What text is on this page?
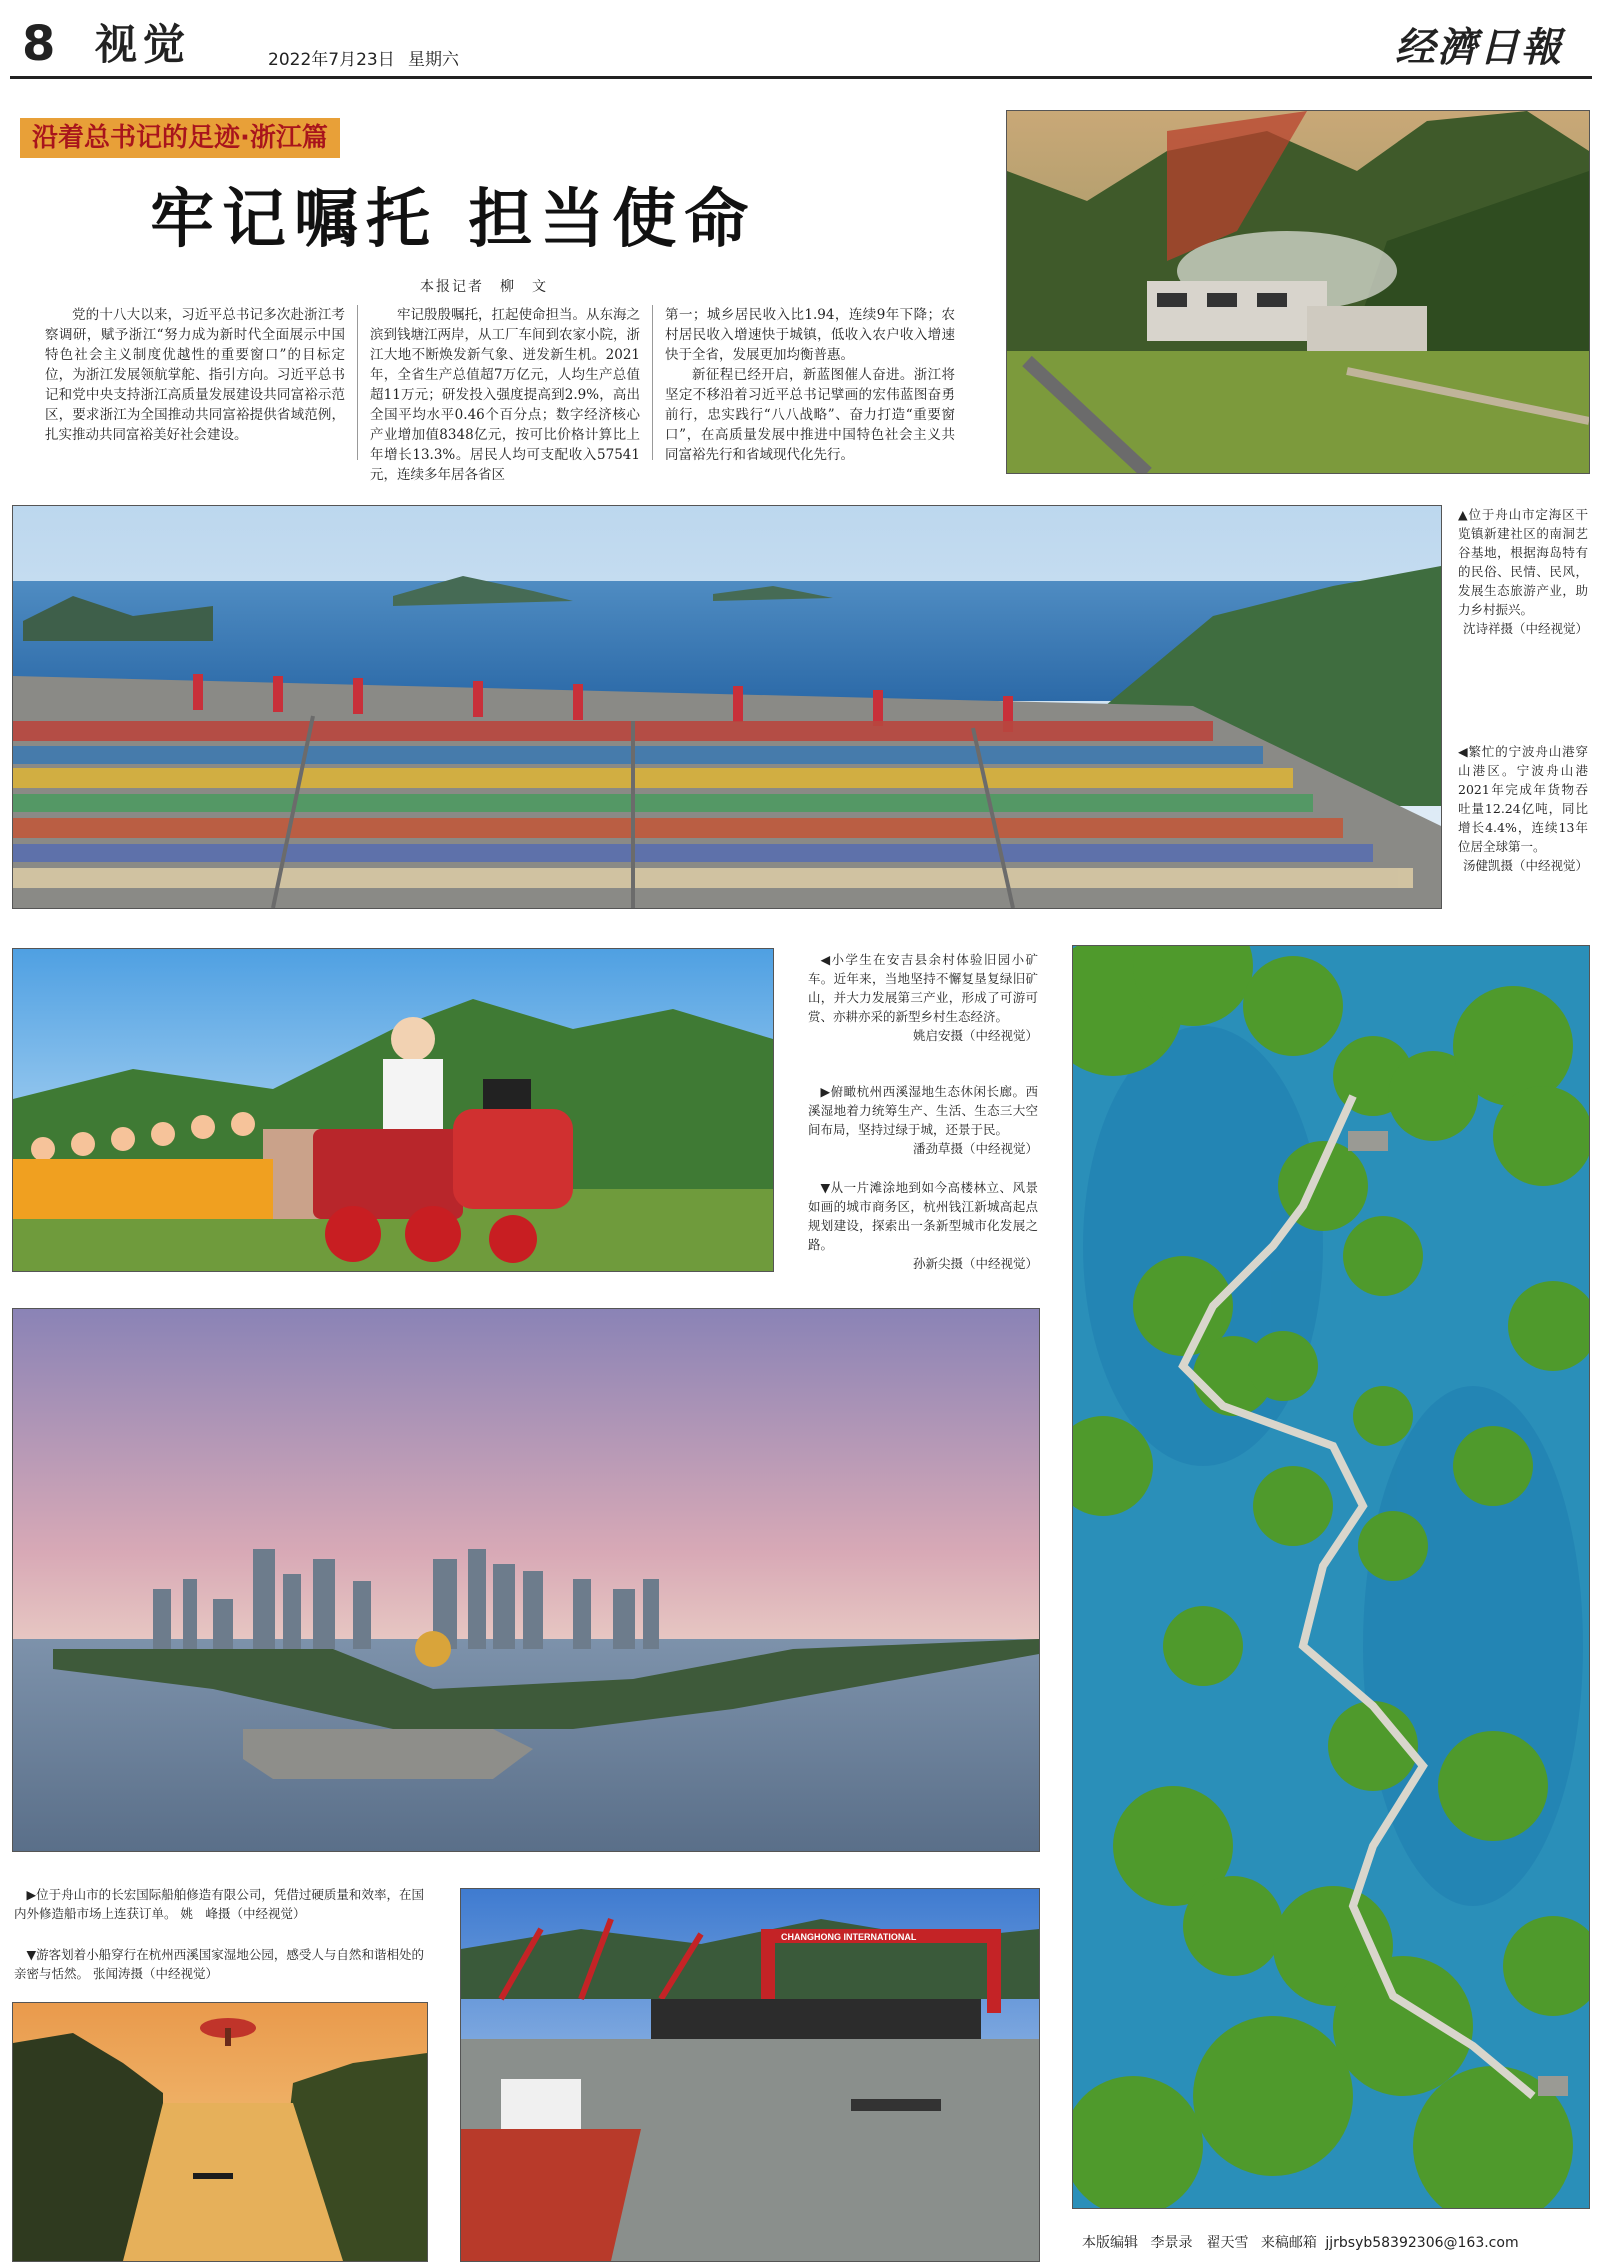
8 视觉	2022年7月23日 星期六	经濟日報
沿着总书记的足迹·浙江篇
牢记嘱托 担当使命
本报记者　柳　文
党的十八大以来，习近平总书记多次赴浙江考察调研，赋予浙江“努力成为新时代全面展示中国特色社会主义制度优越性的重要窗口”的目标定位，为浙江发展领航掌舵、指引方向。习近平总书记和党中央支持浙江高质量发展建设共同富裕示范区，要求浙江为全国推动共同富裕提供省域范例，扎实推动共同富裕美好社会建设。
牢记殷殷嘱托，扛起使命担当。从东海之滨到钱塘江两岸，从工厂车间到农家小院，浙江大地不断焕发新气象、迸发新生机。2021年，全省生产总值超7万亿元，人均生产总值超11万元；研发投入强度提高到2.9%，高出全国平均水平0.46个百分点；数字经济核心产业增加值8348亿元，按可比价格计算比上年增长13.3%。居民人均可支配收入57541元，连续多年居各省区
第一；城乡居民收入比1.94，连续9年下降；农村居民收入增速快于城镇，低收入农户收入增速快于全省，发展更加均衡普惠。
新征程已经开启，新蓝图催人奋进。浙江将坚定不移沿着习近平总书记擘画的宏伟蓝图奋勇前行，忠实践行“八八战略”、奋力打造“重要窗口”，在高质量发展中推进中国特色社会主义共同富裕先行和省域现代化先行。

▲位于舟山市定海区干览镇新建社区的南洞艺谷基地，根据海岛特有的民俗、民情、民风，发展生态旅游产业，助力乡村振兴。

沈诗祥摄（中经视觉）

◀繁忙的宁波舟山港穿山港区。宁波舟山港2021年完成年货物吞吐量12.24亿吨，同比增长4.4%，连续13年位居全球第一。

汤健凯摄（中经视觉）

◀小学生在安吉县余村体验旧园小矿车。近年来，当地坚持不懈复垦复绿旧矿山，并大力发展第三产业，形成了可游可赏、亦耕亦采的新型乡村生态经济。

姚启安摄（中经视觉）

▶俯瞰杭州西溪湿地生态休闲长廊。西溪湿地着力统筹生产、生活、生态三大空间布局，坚持过绿于城，还景于民。

潘劲草摄（中经视觉）

▼从一片滩涂地到如今高楼林立、风景如画的城市商务区，杭州钱江新城高起点规划建设，探索出一条新型城市化发展之路。

孙新尖摄（中经视觉）

▶位于舟山市的长宏国际船舶修造有限公司，凭借过硬质量和效率，在国内外修造船市场上连获订单。 姚　峰摄（中经视觉）

▼游客划着小船穿行在杭州西溪国家湿地公园，感受人与自然和谐相处的亲密与恬然。 张闻涛摄（中经视觉）

CHANGHONG INTERNATIONAL
本版编辑 李景录　翟天雪 来稿邮箱 jjrbsyb58392306@163.com
